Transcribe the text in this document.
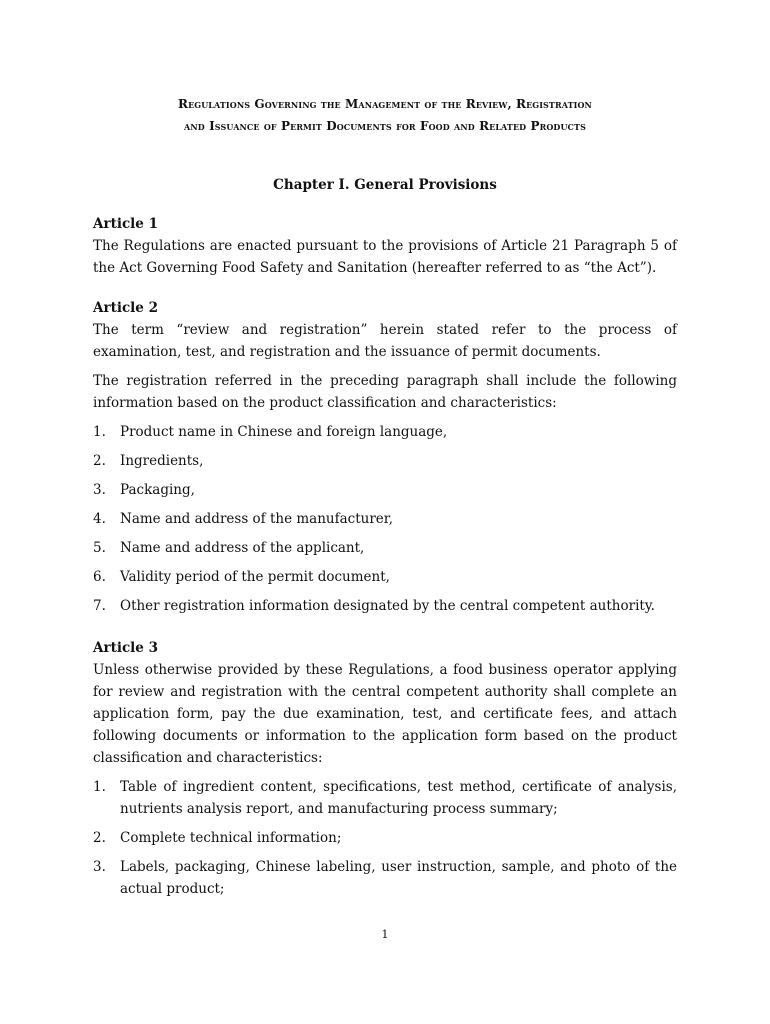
Regulations Governing the Management of the Review, Registration
and Issuance of Permit Documents for Food and Related Products
Chapter I. General Provisions
Article 1

The Regulations are enacted pursuant to the provisions of Article 21 Paragraph 5 of the Act Governing Food Safety and Sanitation (hereafter referred to as “the Act”).

Article 2

The term “review and registration” herein stated refer to the process of examination, test, and registration and the issuance of permit documents.

The registration referred in the preceding paragraph shall include the following information based on the product classification and characteristics:

1. Product name in Chinese and foreign language,
2. Ingredients,
3. Packaging,
4. Name and address of the manufacturer,
5. Name and address of the applicant,
6. Validity period of the permit document,
7. Other registration information designated by the central competent authority.
Article 3

Unless otherwise provided by these Regulations, a food business operator applying for review and registration with the central competent authority shall complete an application form, pay the due examination, test, and certificate fees, and attach following documents or information to the application form based on the product classification and characteristics:

1. Table of ingredient content, specifications, test method, certificate of analysis, nutrients analysis report, and manufacturing process summary;
2. Complete technical information;
3. Labels, packaging, Chinese labeling, user instruction, sample, and photo of the actual product;
1
